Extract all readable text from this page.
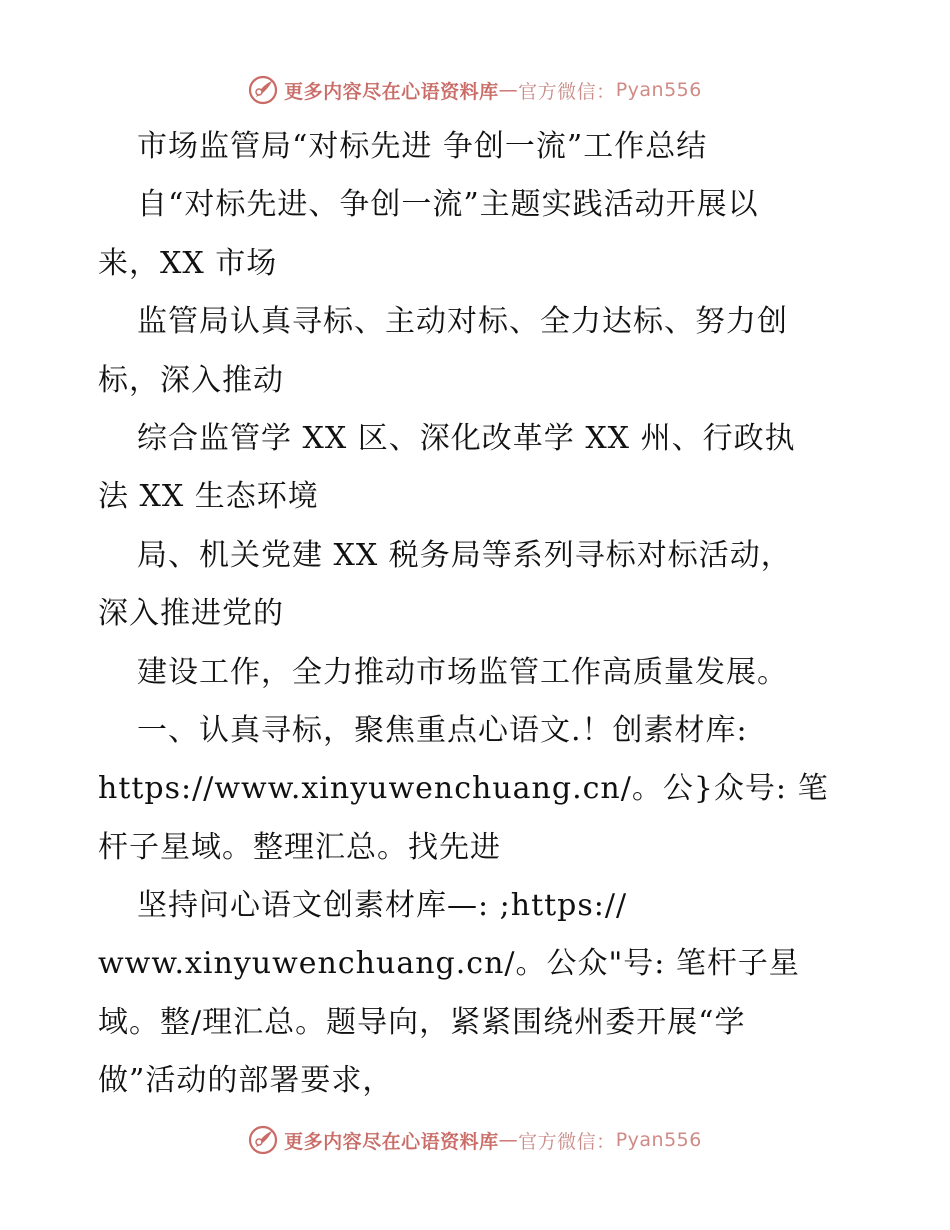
更多内容尽在心语资料库 — 官方微信： Pyan556
市场监管局“对标先进 争创一流”工作总结
自“对标先进、争创一流”主题实践活动开展以
来，XX 市场
监管局认真寻标、主动对标、全力达标、努力创
标，深入推动
综合监管学 XX 区、深化改革学 XX 州、行政执
法 XX 生态环境
局、机关党建 XX 税务局等系列寻标对标活动，
深入推进党的
建设工作，全力推动市场监管工作高质量发展。
一、认真寻标，聚焦重点心语文.！创素材库:
https://www.xinyuwenchuang.cn/。公}众号: 笔
杆子星域。整理汇总。找先进
坚持问心语文创素材库—: ;https://
www.xinyuwenchuang.cn/。公众"号: 笔杆子星
域。整/理汇总。题导向，紧紧围绕州委开展“学
做”活动的部署要求，
更多内容尽在心语资料库 — 官方微信： Pyan556
